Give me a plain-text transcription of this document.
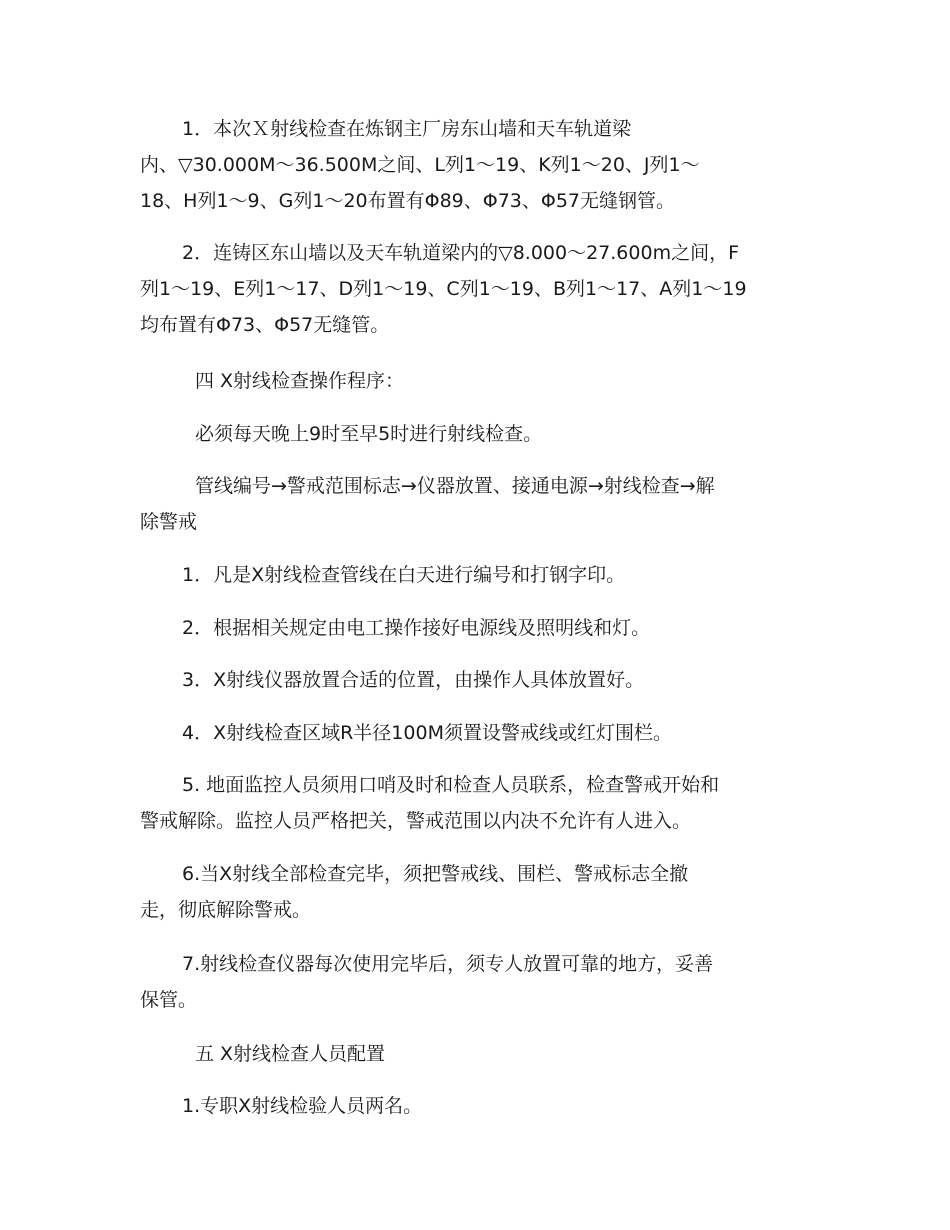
1．本次Ｘ射线检查在炼钢主厂房东山墙和天车轨道梁
内、▽30.000M～36.500M之间、L列1～19、K列1～20、J列1～
18、H列1～9、G列1～20布置有Φ89、Φ73、Φ57无缝钢管。
2．连铸区东山墙以及天车轨道梁内的▽8.000～27.600m之间，F
列1～19、E列1～17、D列1～19、C列1～19、B列1～17、A列1～19
均布置有Φ73、Φ57无缝管。
四 X射线检查操作程序：
必须每天晚上9时至早5时进行射线检查。
管线编号→警戒范围标志→仪器放置、接通电源→射线检查→解
除警戒
1．凡是X射线检查管线在白天进行编号和打钢字印。
2．根据相关规定由电工操作接好电源线及照明线和灯。
3．X射线仪器放置合适的位置，由操作人具体放置好。
4．X射线检查区域R半径100M须置设警戒线或红灯围栏。
5. 地面监控人员须用口哨及时和检查人员联系，检查警戒开始和
警戒解除。监控人员严格把关，警戒范围以内决不允许有人进入。
6.当X射线全部检查完毕，须把警戒线、围栏、警戒标志全撤
走，彻底解除警戒。
7.射线检查仪器每次使用完毕后，须专人放置可靠的地方，妥善
保管。
五 X射线检查人员配置
1.专职X射线检验人员两名。
